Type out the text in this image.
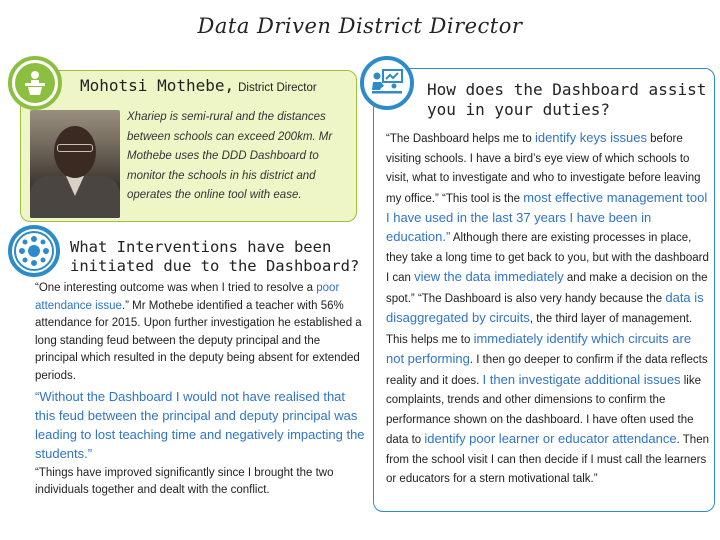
Data Driven District Director
Mohotsi Mothebe, District Director
Xhariep is semi-rural and the distances between schools can exceed 200km. Mr Mothebe uses the DDD Dashboard to monitor the schools in his district and operates the online tool with ease.
What Interventions have been initiated due to the Dashboard?

“One interesting outcome was when I tried to resolve a poor attendance issue.” Mr Mothebe identified a teacher with 56% attendance for 2015. Upon further investigation he established a long standing feud between the deputy principal and the principal which resulted in the deputy being absent for extended periods.

“Without the Dashboard I would not have realised that this feud between the principal and deputy principal was leading to lost teaching time and negatively impacting the students.”

“Things have improved significantly since I brought the two individuals together and dealt with the conflict.

How does the Dashboard assist you in your duties?

“The Dashboard helps me to identify keys issues before visiting schools. I have a bird’s eye view of which schools to visit, what to investigate and who to investigate before leaving my office.” “This tool is the most effective management tool I have used in the last 37 years I have been in education.” Although there are existing processes in place, they take a long time to get back to you, but with the dashboard I can view the data immediately and make a decision on the spot.” “The Dashboard is also very handy because the data is disaggregated by circuits, the third layer of management. This helps me to immediately identify which circuits are not performing. I then go deeper to confirm if the data reflects reality and it does. I then investigate additional issues like complaints, trends and other dimensions to confirm the performance shown on the dashboard. I have often used the data to identify poor learner or educator attendance. Then from the school visit I can then decide if I must call the learners or educators for a stern motivational talk.”
